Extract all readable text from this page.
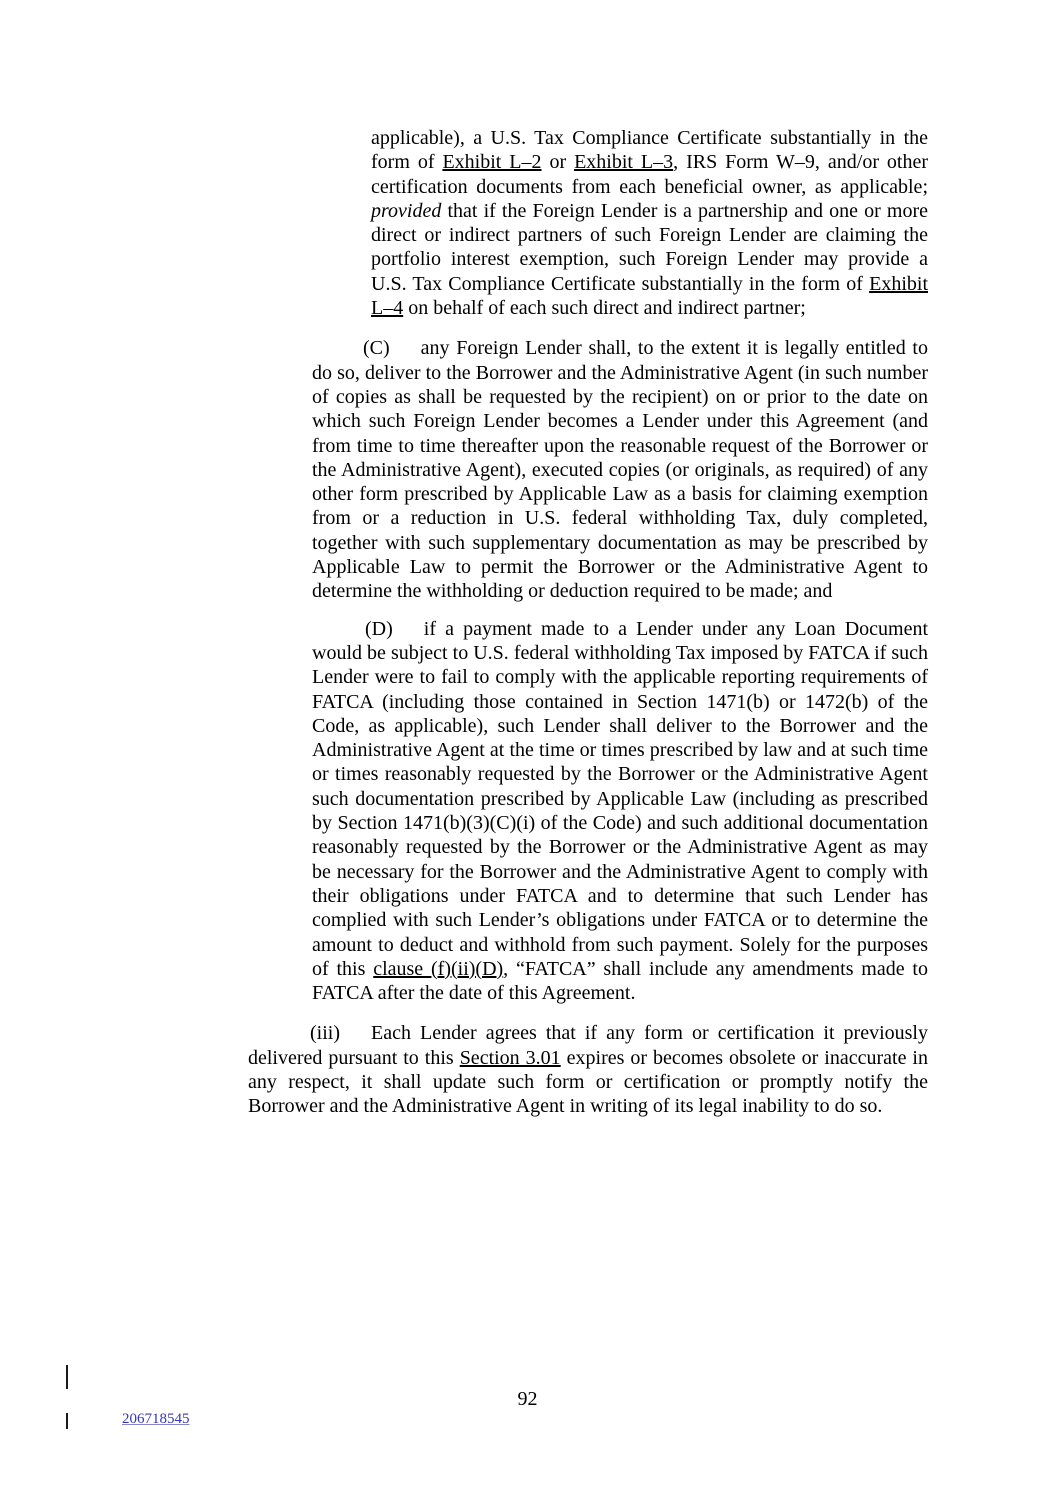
applicable), a U.S. Tax Compliance Certificate substantially in the form of Exhibit L–2 or Exhibit L–3, IRS Form W–9, and/or other certification documents from each beneficial owner, as applicable; provided that if the Foreign Lender is a partnership and one or more direct or indirect partners of such Foreign Lender are claiming the portfolio interest exemption, such Foreign Lender may provide a U.S. Tax Compliance Certificate substantially in the form of Exhibit L–4 on behalf of each such direct and indirect partner;
(C) any Foreign Lender shall, to the extent it is legally entitled to do so, deliver to the Borrower and the Administrative Agent (in such number of copies as shall be requested by the recipient) on or prior to the date on which such Foreign Lender becomes a Lender under this Agreement (and from time to time thereafter upon the reasonable request of the Borrower or the Administrative Agent), executed copies (or originals, as required) of any other form prescribed by Applicable Law as a basis for claiming exemption from or a reduction in U.S. federal withholding Tax, duly completed, together with such supplementary documentation as may be prescribed by Applicable Law to permit the Borrower or the Administrative Agent to determine the withholding or deduction required to be made; and
(D) if a payment made to a Lender under any Loan Document would be subject to U.S. federal withholding Tax imposed by FATCA if such Lender were to fail to comply with the applicable reporting requirements of FATCA (including those contained in Section 1471(b) or 1472(b) of the Code, as applicable), such Lender shall deliver to the Borrower and the Administrative Agent at the time or times prescribed by law and at such time or times reasonably requested by the Borrower or the Administrative Agent such documentation prescribed by Applicable Law (including as prescribed by Section 1471(b)(3)(C)(i) of the Code) and such additional documentation reasonably requested by the Borrower or the Administrative Agent as may be necessary for the Borrower and the Administrative Agent to comply with their obligations under FATCA and to determine that such Lender has complied with such Lender’s obligations under FATCA or to determine the amount to deduct and withhold from such payment. Solely for the purposes of this clause (f)(ii)(D), “FATCA” shall include any amendments made to FATCA after the date of this Agreement.
(iii) Each Lender agrees that if any form or certification it previously delivered pursuant to this Section 3.01 expires or becomes obsolete or inaccurate in any respect, it shall update such form or certification or promptly notify the Borrower and the Administrative Agent in writing of its legal inability to do so.
92
206718545
